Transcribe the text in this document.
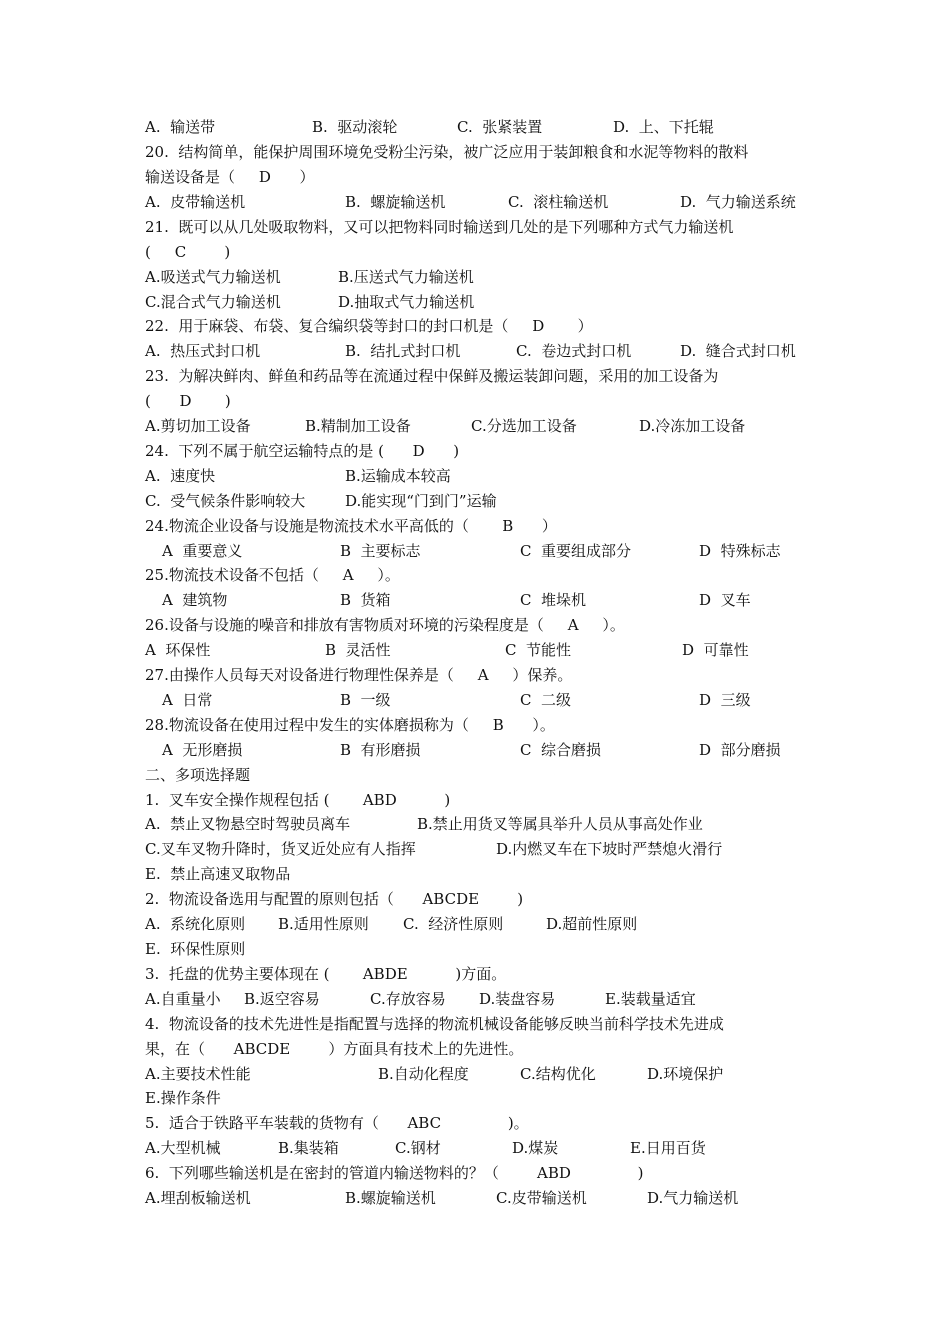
A.  输送带

	B.  驱动滚轮

	C.  张紧装置

	D.  上、下托辊

20.  结构简单，能保护周围环境免受粉尘污染，被广泛应用于装卸粮食和水泥等物料的散料
输送设备是（     D      ）

A.  皮带输送机

	B.  螺旋输送机

	C.  滚柱输送机

	D.  气力输送系统

21.  既可以从几处吸取物料，又可以把物料同时输送到几处的是下列哪种方式气力输送机
(     C        )

A.吸送式气力输送机

	B.压送式气力输送机

C.混合式气力输送机

	D.抽取式气力输送机

22.  用于麻袋、布袋、复合编织袋等封口的封口机是（     D       ）

A.  热压式封口机

	B.  结扎式封口机

	C.  卷边式封口机

	D.  缝合式封口机

23.  为解决鲜肉、鲜鱼和药品等在流通过程中保鲜及搬运装卸问题，采用的加工设备为
(      D       )

A.剪切加工设备

	B.精制加工设备

	C.分选加工设备

	D.冷冻加工设备

24.  下列不属于航空运输特点的是 (      D      )

A.  速度快

	B.运输成本较高

C.  受气候条件影响较大

	D.能实现“门到门”运输

24.物流企业设备与设施是物流技术水平高低的（       B      ）

A  重要意义

	B  主要标志

	C  重要组成部分

	D  特殊标志

25.物流技术设备不包括（     A     ）。

A  建筑物

	B  货箱

	C  堆垛机

	D  叉车

26.设备与设施的噪音和排放有害物质对环境的污染程度是（     A     ）。

A  环保性

	B  灵活性

	C  节能性

	D  可靠性

27.由操作人员每天对设备进行物理性保养是（     A     ）保养。

A  日常

	B  一级

	C  二级

	D  三级

28.物流设备在使用过程中发生的实体磨损称为（     B      ）。

A  无形磨损

	B  有形磨损

	C  综合磨损

	D  部分磨损

二、多项选择题
1.  叉车安全操作规程包括 (       ABD          )

A.  禁止叉物悬空时驾驶员离车

	B.禁止用货叉等属具举升人员从事高处作业

C.叉车叉物升降时，货叉近处应有人指挥

	D.内燃叉车在下坡时严禁熄火滑行

E.  禁止高速叉取物品
2.  物流设备选用与配置的原则包括（      ABCDE        )

A.  系统化原则

B.适用性原则

C.  经济性原则

	D.超前性原则

E.  环保性原则
3.  托盘的优势主要体现在 (       ABDE          )方面。

A.自重量小

B.返空容易

	C.存放容易

D.装盘容易

	E.装载量适宜

4.  物流设备的技术先进性是指配置与选择的物流机械设备能够反映当前科学技术先进成
果，在（      ABCDE        ）方面具有技术上的先进性。

A.主要技术性能

	B.自动化程度

	C.结构优化

	D.环境保护

E.操作条件
5.  适合于铁路平车装载的货物有（      ABC              )。

A.大型机械

	B.集装箱

	C.钢材

	D.煤炭

	E.日用百货

6.  下列哪些输送机是在密封的管道内输送物料的？（        ABD              )

A.埋刮板输送机

	B.螺旋输送机

	C.皮带输送机

	D.气力输送机
